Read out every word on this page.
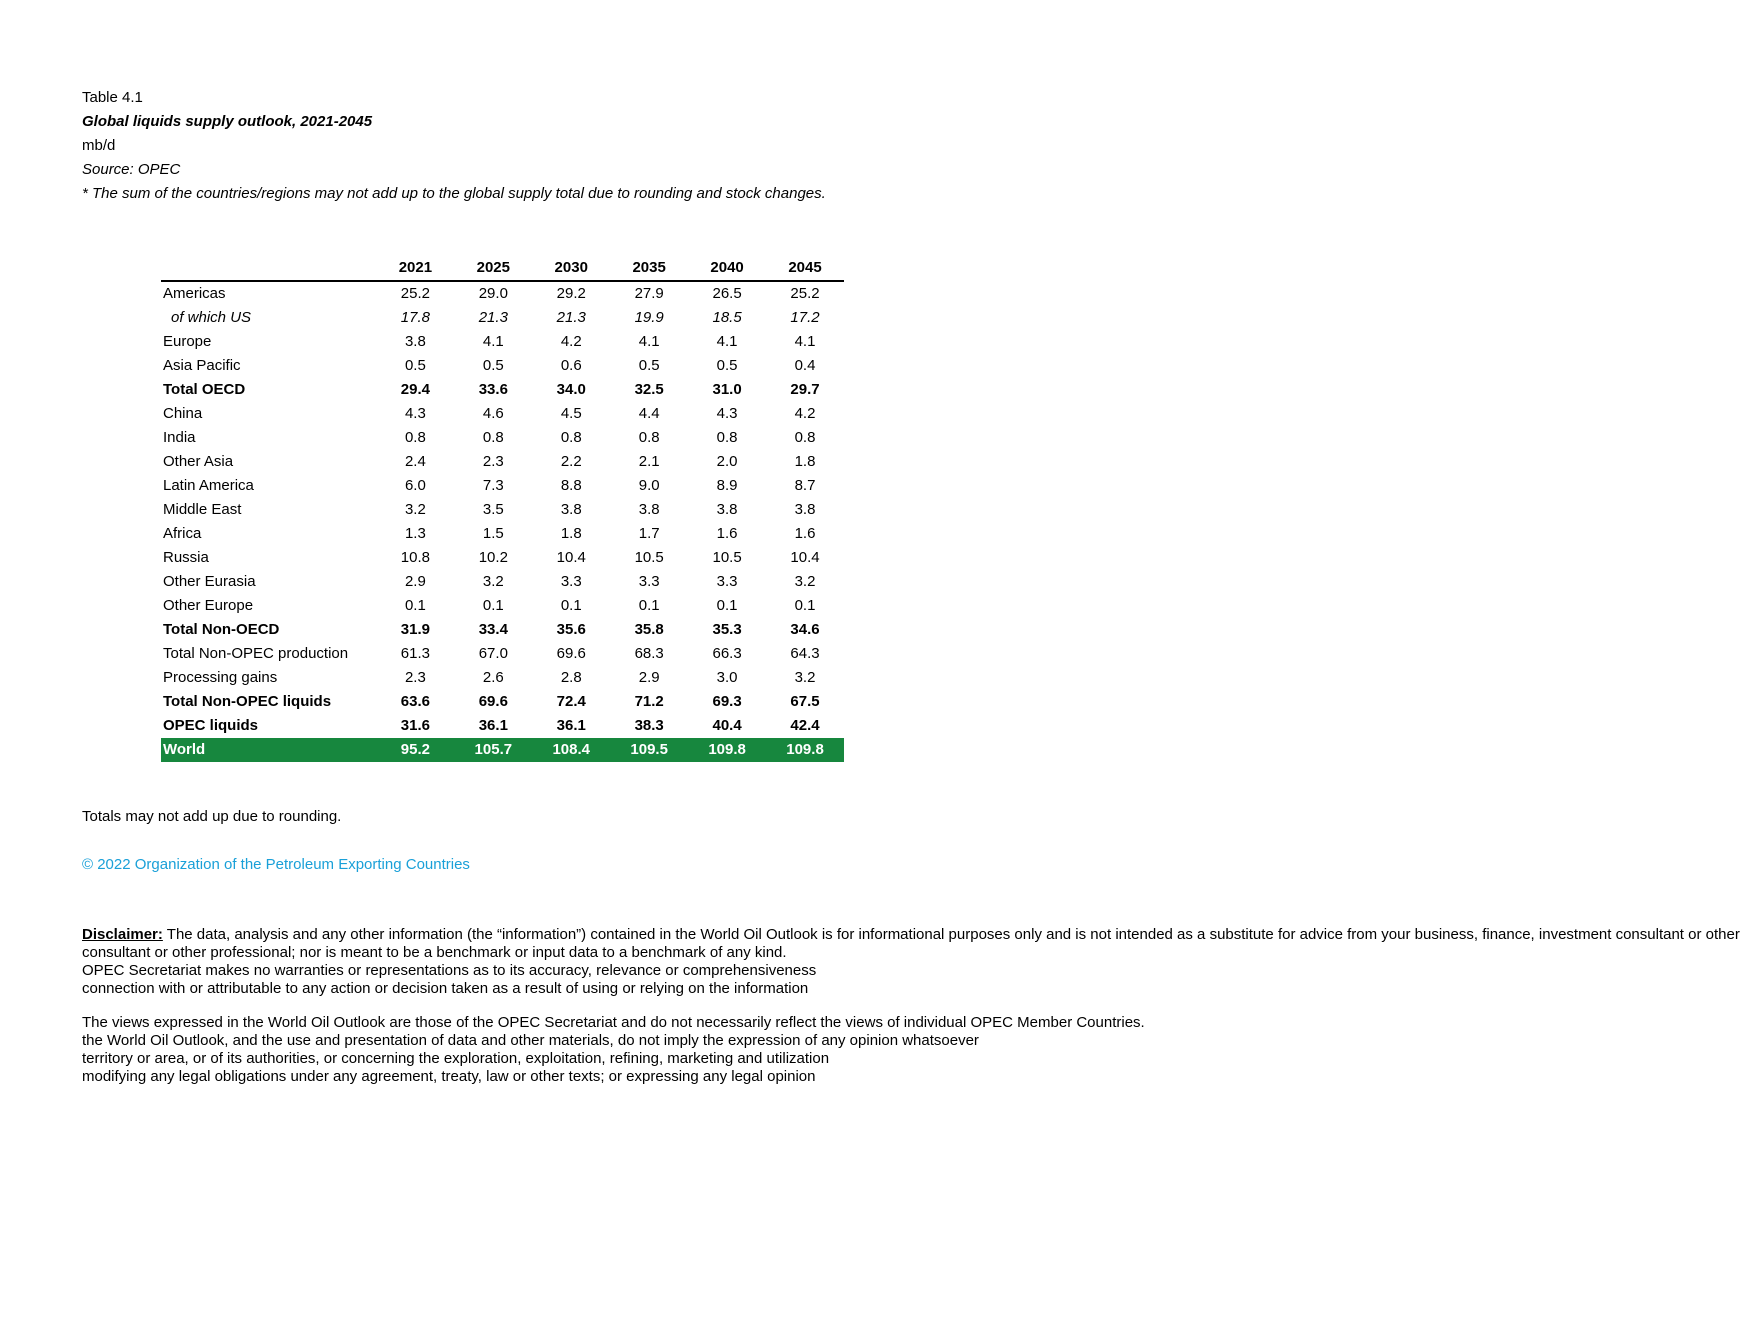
Table 4.1
Global liquids supply outlook, 2021-2045
mb/d
Source: OPEC
* The sum of the countries/regions may not add up to the global supply total due to rounding and stock changes.
	2021	2025	2030	2035	2040	2045
Americas	25.2	29.0	29.2	27.9	26.5	25.2
of which US	17.8	21.3	21.3	19.9	18.5	17.2
Europe	3.8	4.1	4.2	4.1	4.1	4.1
Asia Pacific	0.5	0.5	0.6	0.5	0.5	0.4
Total OECD	29.4	33.6	34.0	32.5	31.0	29.7
China	4.3	4.6	4.5	4.4	4.3	4.2
India	0.8	0.8	0.8	0.8	0.8	0.8
Other Asia	2.4	2.3	2.2	2.1	2.0	1.8
Latin America	6.0	7.3	8.8	9.0	8.9	8.7
Middle East	3.2	3.5	3.8	3.8	3.8	3.8
Africa	1.3	1.5	1.8	1.7	1.6	1.6
Russia	10.8	10.2	10.4	10.5	10.5	10.4
Other Eurasia	2.9	3.2	3.3	3.3	3.3	3.2
Other Europe	0.1	0.1	0.1	0.1	0.1	0.1
Total Non-OECD	31.9	33.4	35.6	35.8	35.3	34.6
Total Non-OPEC production	61.3	67.0	69.6	68.3	66.3	64.3
Processing gains	2.3	2.6	2.8	2.9	3.0	3.2
Total Non-OPEC liquids	63.6	69.6	72.4	71.2	69.3	67.5
OPEC liquids	31.6	36.1	36.1	38.3	40.4	42.4
World	95.2	105.7	108.4	109.5	109.8	109.8
Totals may not add up due to rounding.
© 2022 Organization of the Petroleum Exporting Countries
Disclaimer: The data, analysis and any other information (the “information”) contained in the World Oil Outlook is for informational purposes only and is not intended as a substitute for advice from your business, finance, investment consultant or other
consultant or other professional; nor is meant to be a benchmark or input data to a benchmark of any kind.
OPEC Secretariat makes no warranties or representations as to its accuracy, relevance or comprehensiveness
connection with or attributable to any action or decision taken as a result of using or relying on the information
The views expressed in the World Oil Outlook are those of the OPEC Secretariat and do not necessarily reflect the views of individual OPEC Member Countries.
the World Oil Outlook, and the use and presentation of data and other materials, do not imply the expression of any opinion whatsoever
territory or area, or of its authorities, or concerning the exploration, exploitation, refining, marketing and utilization
modifying any legal obligations under any agreement, treaty, law or other texts; or expressing any legal opinion
